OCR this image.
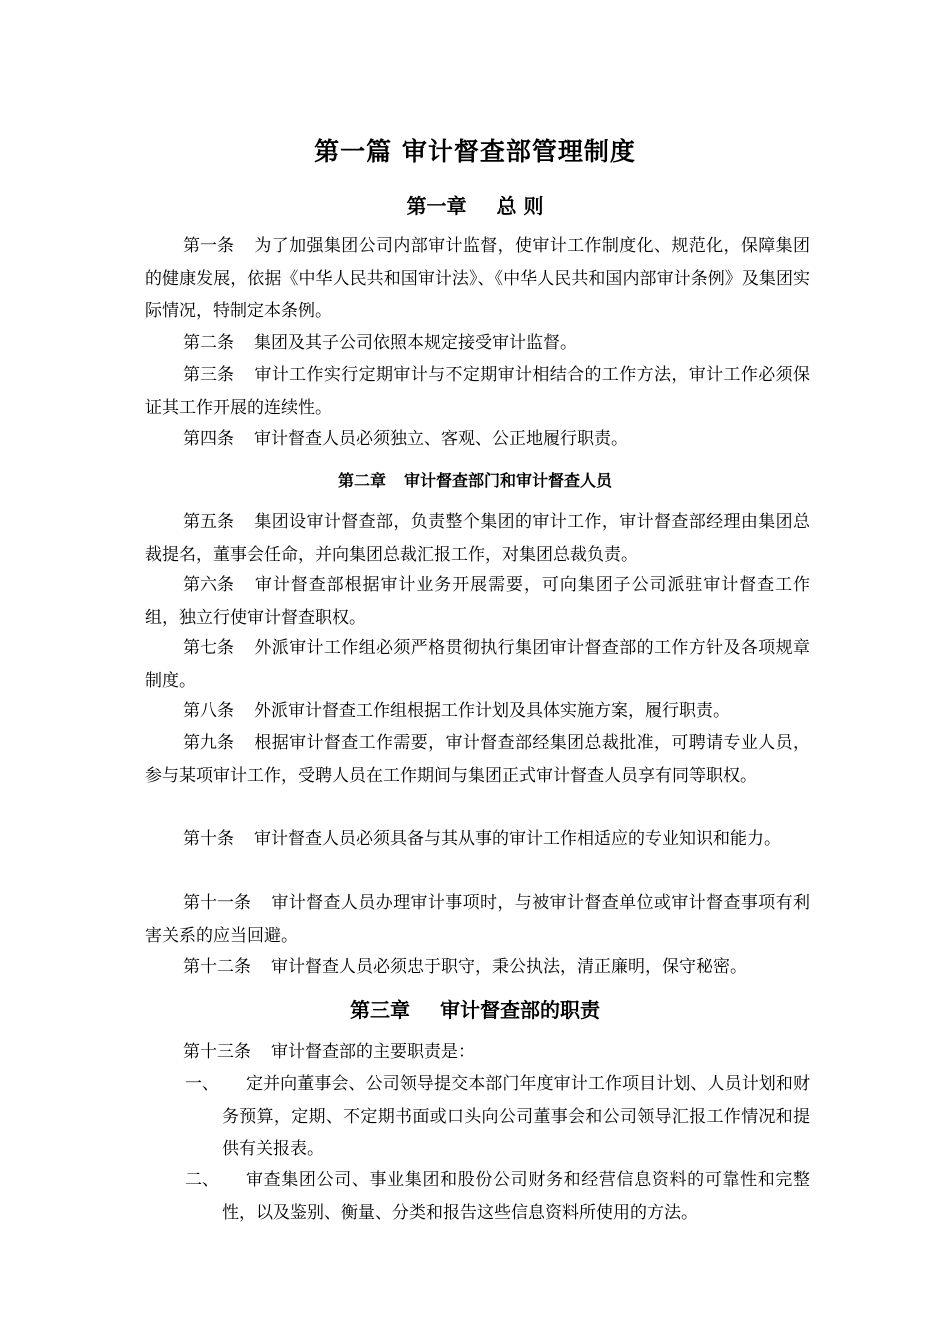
第一篇 审计督查部管理制度
第一章 总 则
第一条 为了加强集团公司内部审计监督，使审计工作制度化、规范化，保障集团的健康发展，依据《中华人民共和国审计法》、《中华人民共和国内部审计条例》及集团实际情况，特制定本条例。
第二条 集团及其子公司依照本规定接受审计监督。
第三条 审计工作实行定期审计与不定期审计相结合的工作方法，审计工作必须保证其工作开展的连续性。
第四条 审计督查人员必须独立、客观、公正地履行职责。
第二章 审计督查部门和审计督查人员
第五条 集团设审计督查部，负责整个集团的审计工作，审计督查部经理由集团总裁提名，董事会任命，并向集团总裁汇报工作，对集团总裁负责。
第六条 审计督查部根据审计业务开展需要，可向集团子公司派驻审计督查工作组，独立行使审计督查职权。
第七条 外派审计工作组必须严格贯彻执行集团审计督查部的工作方针及各项规章制度。
第八条 外派审计督查工作组根据工作计划及具体实施方案，履行职责。
第九条 根据审计督查工作需要，审计督查部经集团总裁批准，可聘请专业人员，参与某项审计工作，受聘人员在工作期间与集团正式审计督查人员享有同等职权。
第十条 审计督查人员必须具备与其从事的审计工作相适应的专业知识和能力。
第十一条 审计督查人员办理审计事项时，与被审计督查单位或审计督查事项有利害关系的应当回避。
第十二条 审计督查人员必须忠于职守，秉公执法，清正廉明，保守秘密。
第三章 审计督查部的职责
第十三条 审计督查部的主要职责是：
一、	定并向董事会、公司领导提交本部门年度审计工作项目计划、人员计划和财务预算，定期、不定期书面或口头向公司董事会和公司领导汇报工作情况和提供有关报表。
二、	审查集团公司、事业集团和股份公司财务和经营信息资料的可靠性和完整性，以及鉴别、衡量、分类和报告这些信息资料所使用的方法。
